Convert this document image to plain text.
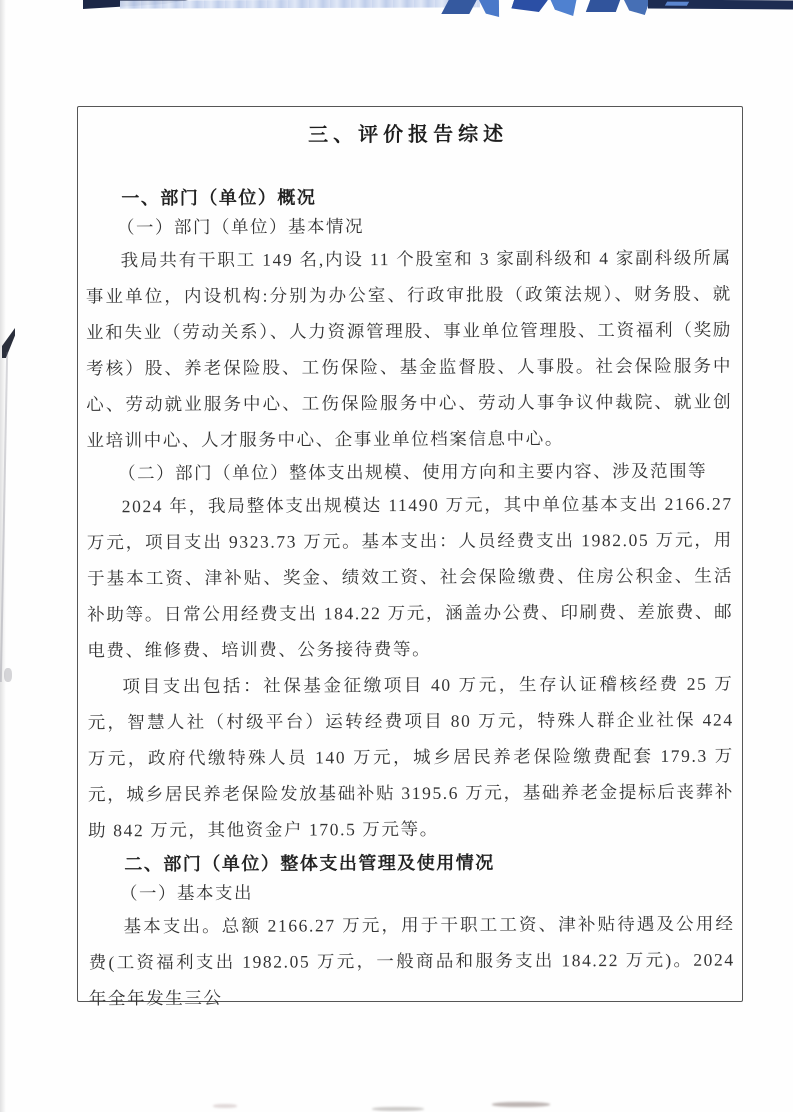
三、评价报告综述
一、部门（单位）概况
（一）部门（单位）基本情况

我局共有干职工 149 名,内设 11 个股室和 3 家副科级和 4 家副科级所属事业单位，内设机构:分别为办公室、行政审批股（政策法规）、财务股、就业和失业（劳动关系）、人力资源管理股、事业单位管理股、工资福利（奖励考核）股、养老保险股、工伤保险、基金监督股、人事股。社会保险服务中心、劳动就业服务中心、工伤保险服务中心、劳动人事争议仲裁院、就业创业培训中心、人才服务中心、企事业单位档案信息中心。

（二）部门（单位）整体支出规模、使用方向和主要内容、涉及范围等

2024 年，我局整体支出规模达 11490 万元，其中单位基本支出 2166.27 万元，项目支出 9323.73 万元。基本支出：人员经费支出 1982.05 万元，用于基本工资、津补贴、奖金、绩效工资、社会保险缴费、住房公积金、生活补助等。日常公用经费支出 184.22 万元，涵盖办公费、印刷费、差旅费、邮电费、维修费、培训费、公务接待费等。

项目支出包括：社保基金征缴项目 40 万元，生存认证稽核经费 25 万元，智慧人社（村级平台）运转经费项目 80 万元，特殊人群企业社保 424 万元，政府代缴特殊人员 140 万元，城乡居民养老保险缴费配套 179.3 万元，城乡居民养老保险发放基础补贴 3195.6 万元，基础养老金提标后丧葬补助 842 万元，其他资金户 170.5 万元等。

二、部门（单位）整体支出管理及使用情况
（一）基本支出

基本支出。总额 2166.27 万元，用于干职工工资、津补贴待遇及公用经费(工资福利支出 1982.05 万元，一般商品和服务支出 184.22 万元)。2024 年全年发生三公
